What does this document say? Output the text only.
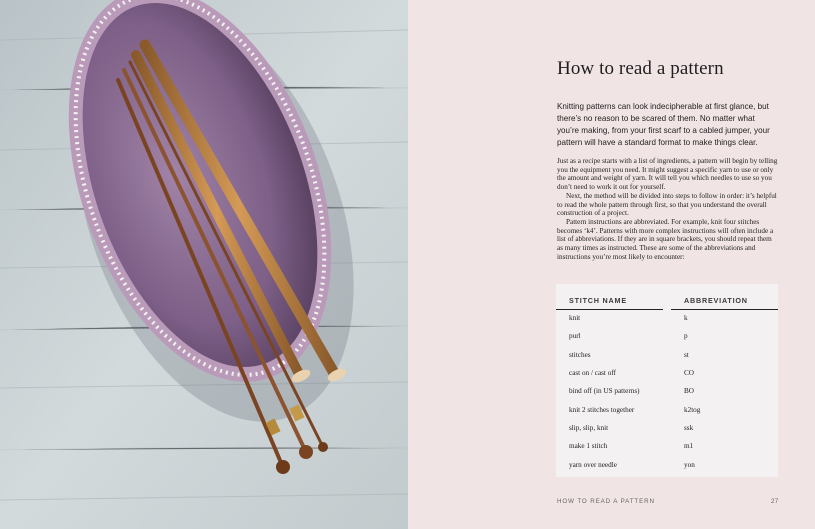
How to read a pattern
Knitting patterns can look indecipherable at first glance, but there’s no reason to be scared of them. No matter what you’re making, from your first scarf to a cabled jumper, your pattern will have a standard format to make things clear.

Just as a recipe starts with a list of ingredients, a pattern will begin by telling you the equipment you need. It might suggest a specific yarn to use or only the amount and weight of yarn. It will tell you which needles to use so you don’t need to work it out for yourself.

Next, the method will be divided into steps to follow in order: it’s helpful to read the whole pattern through first, so that you understand the overall construction of a project.

Pattern instructions are abbreviated. For example, knit four stitches becomes ‘k4’. Patterns with more complex instructions will often include a list of abbreviations. If they are in square brackets, you should repeat them as many times as instructed. These are some of the abbreviations and instructions you’re most likely to encounter:

STITCH NAME	ABBREVIATION
knit	k
purl	p
stitches	st
cast on / cast off	CO
bind off (in US patterns)	BO
knit 2 stitches together	k2tog
slip, slip, knit	ssk
make 1 stitch	m1
yarn over needle	yon
HOW TO READ A PATTERN	27
